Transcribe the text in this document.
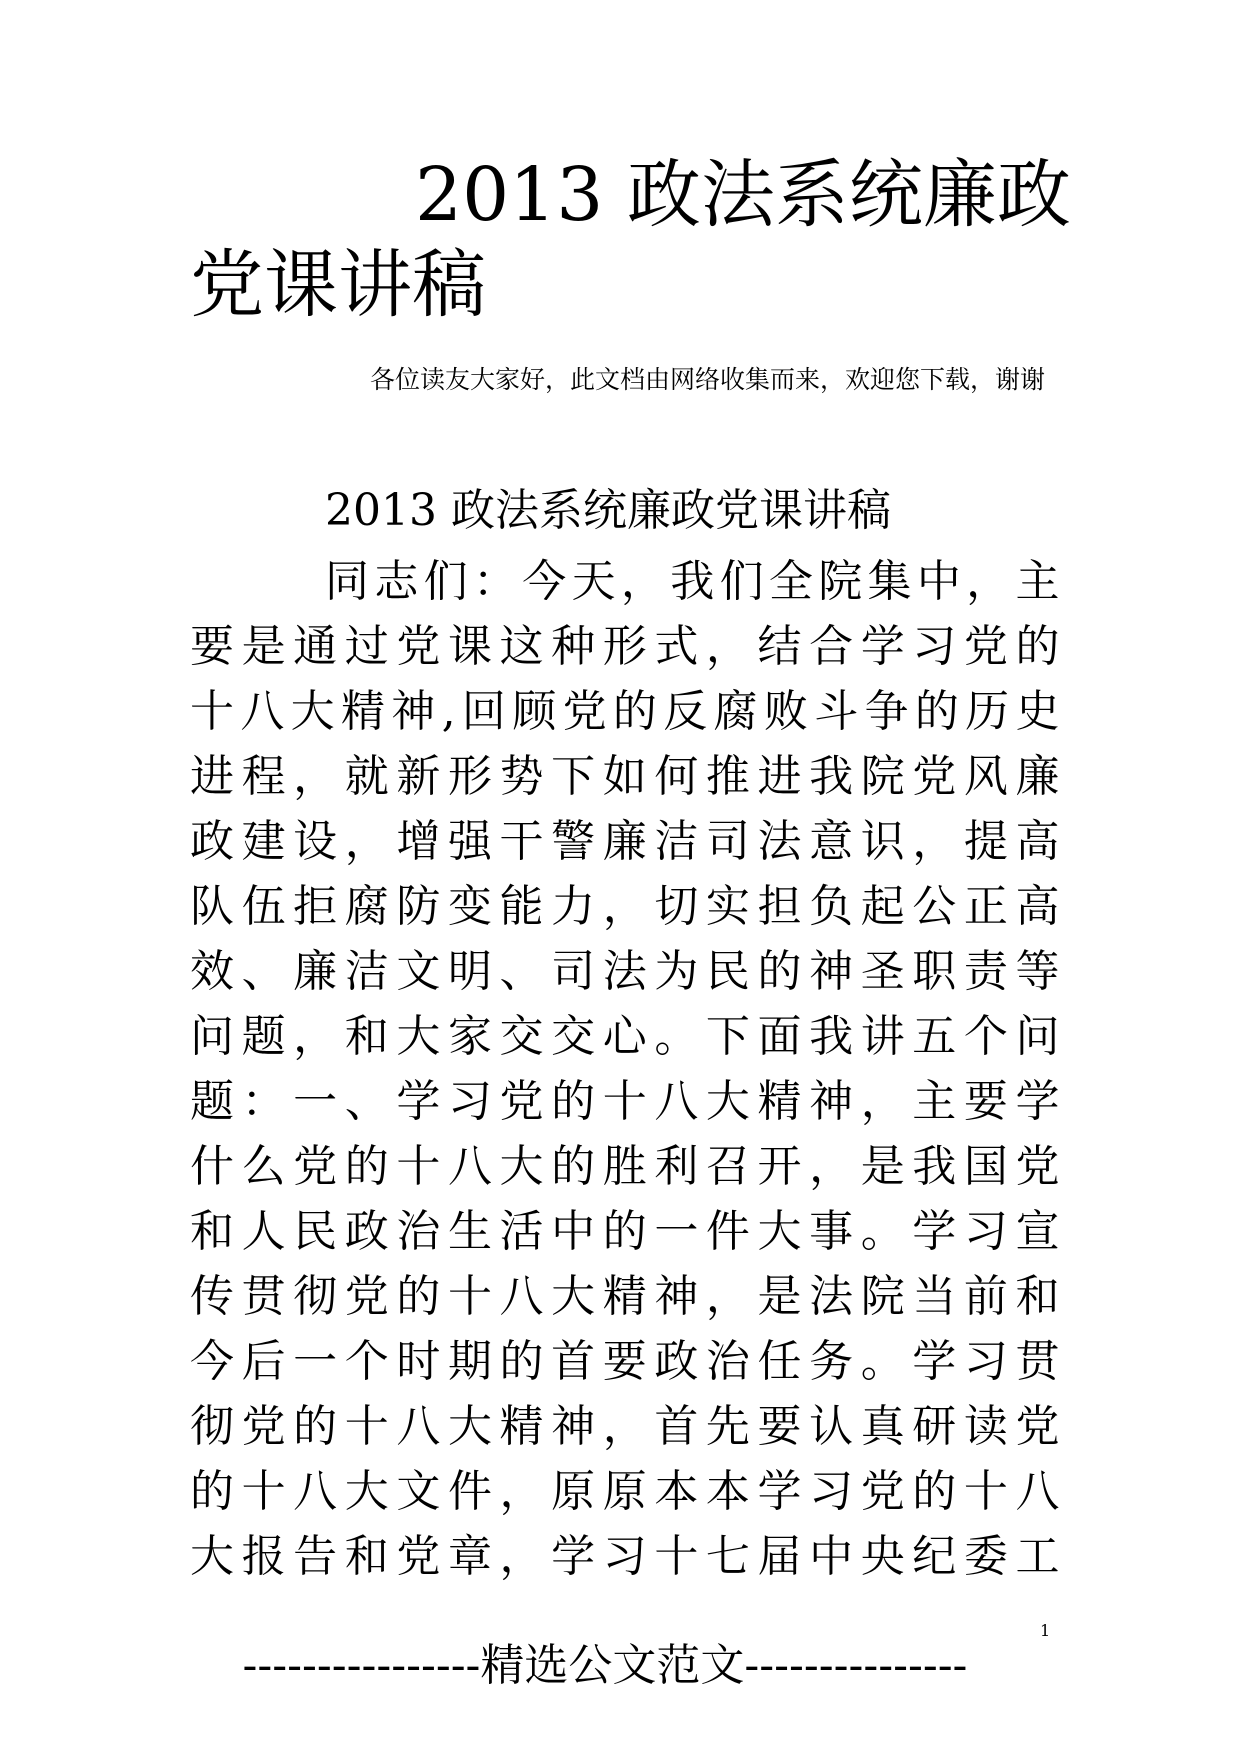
2013 政法系统廉政
党课讲稿
各位读友大家好，此文档由网络收集而来，欢迎您下载，谢谢
2013 政法系统廉政党课讲稿
同志们：今天，我们全院集中，主
要是通过党课这种形式，结合学习党的
十八大精神,回顾党的反腐败斗争的历史
进程，就新形势下如何推进我院党风廉
政建设，增强干警廉洁司法意识，提高
队伍拒腐防变能力，切实担负起公正高
效、廉洁文明、司法为民的神圣职责等
问题，和大家交交心。下面我讲五个问
题：一、学习党的十八大精神，主要学
什么党的十八大的胜利召开，是我国党
和人民政治生活中的一件大事。学习宣
传贯彻党的十八大精神，是法院当前和
今后一个时期的首要政治任务。学习贯
彻党的十八大精神，首先要认真研读党
的十八大文件，原原本本学习党的十八
大报告和党章，学习十七届中央纪委工
1
----------------精选公文范文---------------
